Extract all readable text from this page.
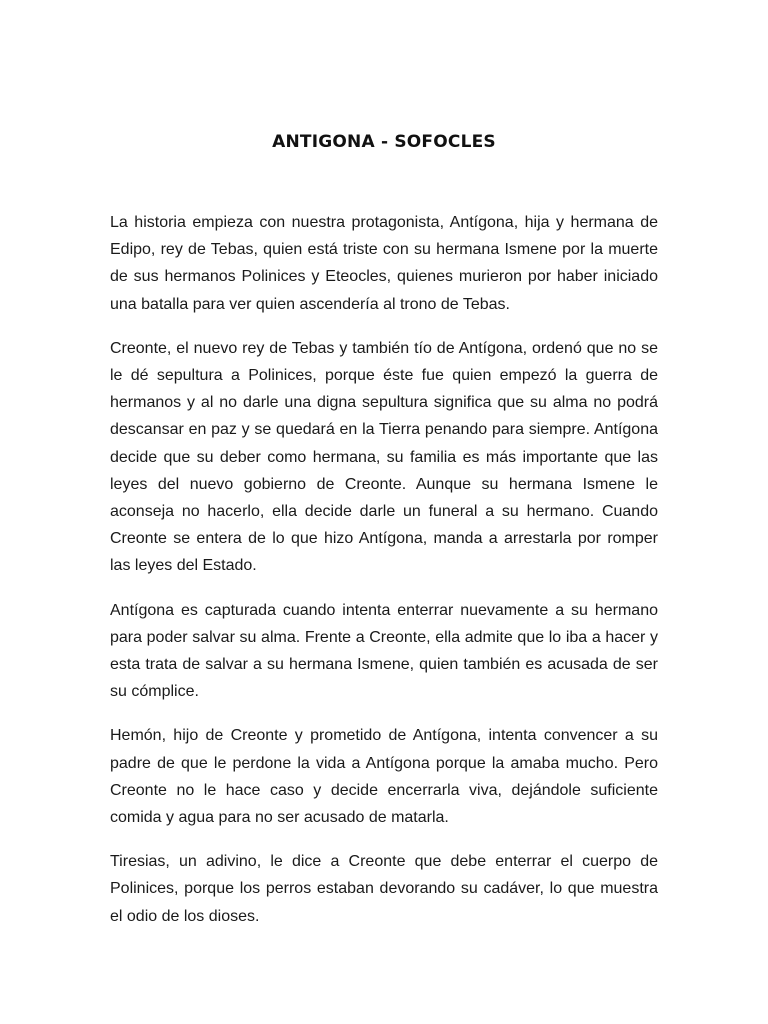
ANTIGONA - SOFOCLES

La historia empieza con nuestra protagonista, Antígona, hija y hermana de Edipo, rey de Tebas, quien está triste con su hermana Ismene por la muerte de sus hermanos Polinices y Eteocles, quienes murieron por haber iniciado una batalla para ver quien ascendería al trono de Tebas.

Creonte, el nuevo rey de Tebas y también tío de Antígona, ordenó que no se le dé sepultura a Polinices, porque éste fue quien empezó la guerra de hermanos y al no darle una digna sepultura significa que su alma no podrá descansar en paz y se quedará en la Tierra penando para siempre. Antígona decide que su deber como hermana, su familia es más importante que las leyes del nuevo gobierno de Creonte. Aunque su hermana Ismene le aconseja no hacerlo, ella decide darle un funeral a su hermano. Cuando Creonte se entera de lo que hizo Antígona, manda a arrestarla por romper las leyes del Estado.

Antígona es capturada cuando intenta enterrar nuevamente a su hermano para poder salvar su alma. Frente a Creonte, ella admite que lo iba a hacer y esta trata de salvar a su hermana Ismene, quien también es acusada de ser su cómplice.

Hemón, hijo de Creonte y prometido de Antígona, intenta convencer a su padre de que le perdone la vida a Antígona porque la amaba mucho. Pero Creonte no le hace caso y decide encerrarla viva, dejándole suficiente comida y agua para no ser acusado de matarla.

Tiresias, un adivino, le dice a Creonte que debe enterrar el cuerpo de Polinices, porque los perros estaban devorando su cadáver, lo que muestra el odio de los dioses.
